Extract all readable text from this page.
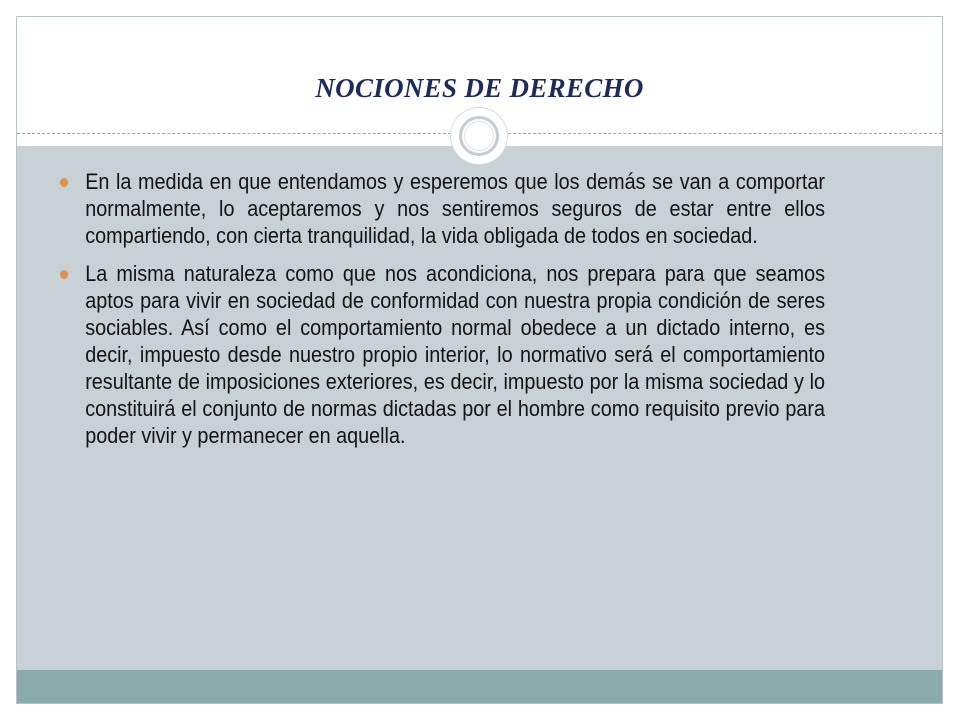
NOCIONES DE DERECHO
En la medida en que entendamos y esperemos que los demás se van a comportar normalmente, lo aceptaremos y nos sentiremos seguros de estar entre ellos compartiendo, con cierta tranquilidad, la vida obligada de todos en sociedad.
La misma naturaleza como que nos acondiciona, nos prepara para que seamos aptos para vivir en sociedad de conformidad con nuestra propia condición de seres sociables. Así como el comportamiento normal obedece a un dictado interno, es decir, impuesto desde nuestro propio interior, lo normativo será el comportamiento resultante de imposiciones exteriores, es decir, impuesto por la misma sociedad y lo constituirá el conjunto de normas dictadas por el hombre como requisito previo para poder vivir y permanecer en aquella.
